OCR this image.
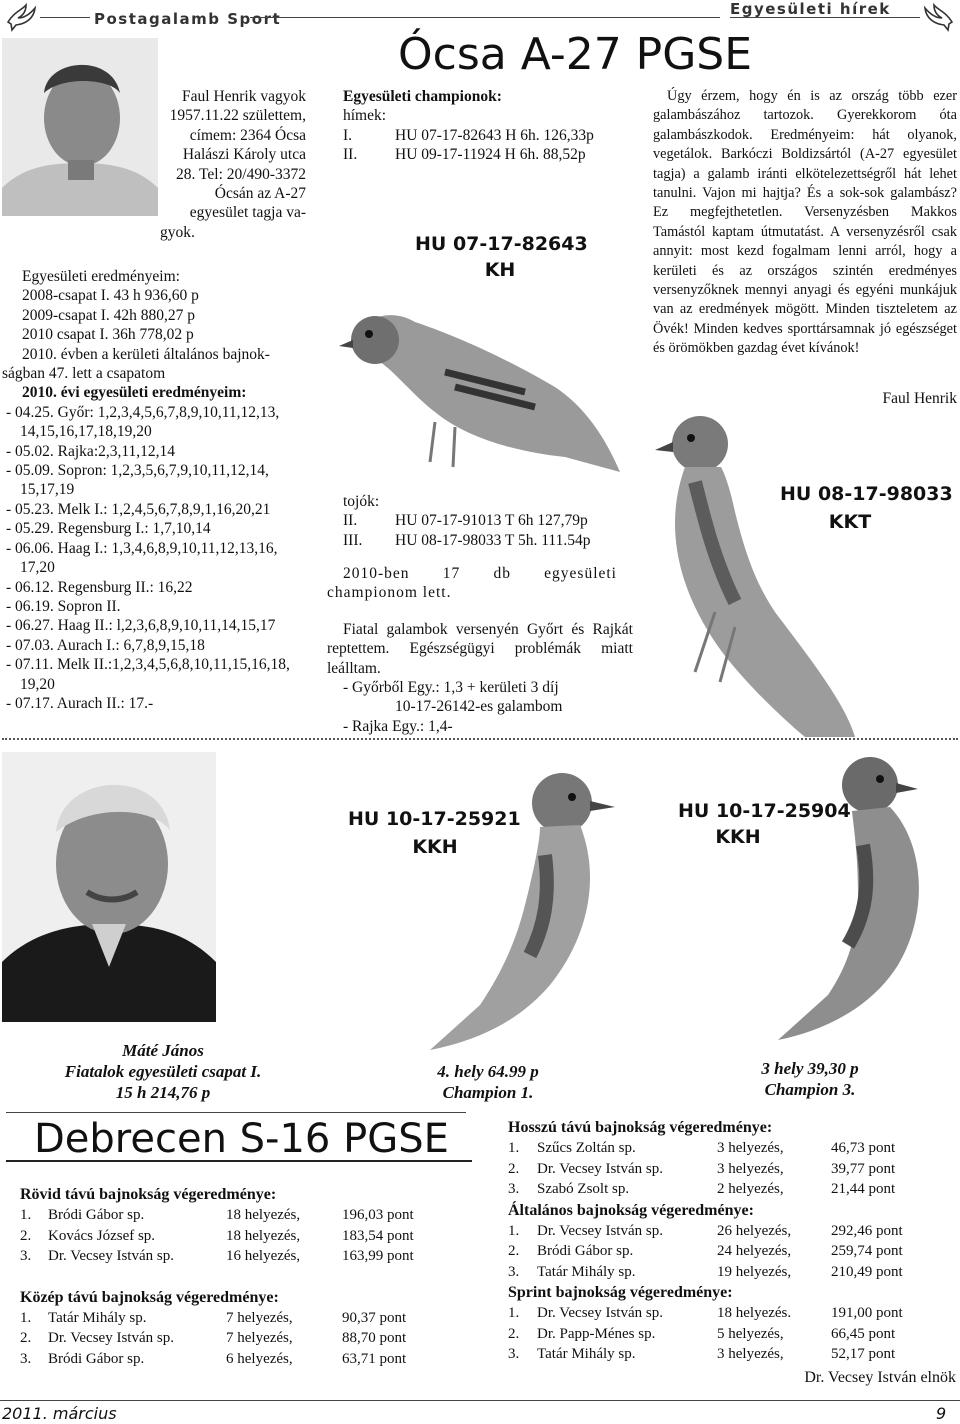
Postagalamb Sport
Egyesületi hírek
Ócsa A-27 PGSE
Faul Henrik vagyok
1957.11.22 születtem,
címem: 2364 Ócsa
Halászi Károly utca
28. Tel: 20/490-3372
Ócsán az A-27
egyesület tagja va-
gyok.
Egyesületi eredményeim:
2008-csapat I. 43 h 936,60 p
2009-csapat I. 42h 880,27 p
2010 csapat I. 36h 778,02 p
2010. évben a kerületi általános bajnok-
ságban 47. lett a csapatom
2010. évi egyesületi eredményeim:
- 04.25. Győr: 1,2,3,4,5,6,7,8,9,10,11,12,13, 14,15,16,17,18,19,20
- 05.02. Rajka:2,3,11,12,14
- 05.09. Sopron: 1,2,3,5,6,7,9,10,11,12,14, 15,17,19
- 05.23. Melk I.: 1,2,4,5,6,7,8,9,1,16,20,21
- 05.29. Regensburg I.: 1,7,10,14
- 06.06. Haag I.: 1,3,4,6,8,9,10,11,12,13,16, 17,20
- 06.12. Regensburg II.: 16,22
- 06.19. Sopron II.
- 06.27. Haag II.: l,2,3,6,8,9,10,11,14,15,17
- 07.03. Aurach I.: 6,7,8,9,15,18
- 07.11. Melk II.:1,2,3,4,5,6,8,10,11,15,16,18, 19,20
- 07.17. Aurach II.: 17.-
Egyesületi championok:
hímek:
I.	HU 07-17-82643 H 6h. 126,33p
II. HU 09-17-11924 H 6h. 88,52p
HU 07-17-82643
KH
tojók:
II. HU 07-17-91013 T 6h 127,79p
III. HU 08-17-98033 T 5h. 111.54p
2010-ben 17 db egyesületi championom lett.
Fiatal galambok versenyén Győrt és Rajkát reptettem. Egészségügyi problémák miatt leálltam.
- Győrből Egy.: 1,3 + kerületi 3 díj
10-17-26142-es galambom
- Rajka Egy.: 1,4-
Úgy érzem, hogy én is az ország több ezer galambászához tartozok. Gyerekkorom óta galambászkodok. Eredményeim: hát olyanok, vegetálok. Barkóczi Boldizsártól (A-27 egyesület tagja) a galamb iránti elkötelezettségről hát lehet tanulni. Vajon mi hajtja? És a sok-sok galambász? Ez megfejthetetlen. Versenyzésben Makkos Tamástól kaptam útmutatást. A versenyzésről csak annyit: most kezd fogalmam lenni arról, hogy a kerületi és az országos szintén eredményes versenyzőknek mennyi anyagi és egyéni munkájuk van az eredmények mögött. Minden tiszteletem az Övék! Minden kedves sporttársamnak jó egészséget és örömökben gazdag évet kívánok!
Faul Henrik
HU 08-17-98033
KKT
HU 10-17-25921
KKH
HU 10-17-25904
KKH
Máté János
Fiatalok egyesületi csapat I.
15 h 214,76 p
4. hely 64.99 p
Champion 1.
3 hely 39,30 p
Champion 3.
Debrecen S-16 PGSE
Rövid távú bajnokság végeredménye:
1.	Bródi Gábor sp.	18 helyezés,	196,03 pont
2.	Kovács József sp.	18 helyezés,	183,54 pont
3.	Dr. Vecsey István sp.	16 helyezés,	163,99 pont
Közép távú bajnokság végeredménye:
1.	Tatár Mihály sp.	7 helyezés,	90,37 pont
2.	Dr. Vecsey István sp.	7 helyezés,	88,70 pont
3.	Bródi Gábor sp.	6 helyezés,	63,71 pont
Hosszú távú bajnokság végeredménye:
1.	Szűcs Zoltán sp.	3 helyezés,	46,73 pont
2.	Dr. Vecsey István sp.	3 helyezés,	39,77 pont
3.	Szabó Zsolt sp.	2 helyezés,	21,44 pont
Általános bajnokság végeredménye:
1.	Dr. Vecsey István sp.	26 helyezés,	292,46 pont
2.	Bródi Gábor sp.	24 helyezés,	259,74 pont
3.	Tatár Mihály sp.	19 helyezés,	210,49 pont
Sprint bajnokság végeredménye:
1.	Dr. Vecsey István sp.	18 helyezés.	191,00 pont
2.	Dr. Papp-Ménes sp.	5 helyezés,	66,45 pont
3.	Tatár Mihály sp.	3 helyezés,	52,17 pont
Dr. Vecsey István elnök
2011. március	9
